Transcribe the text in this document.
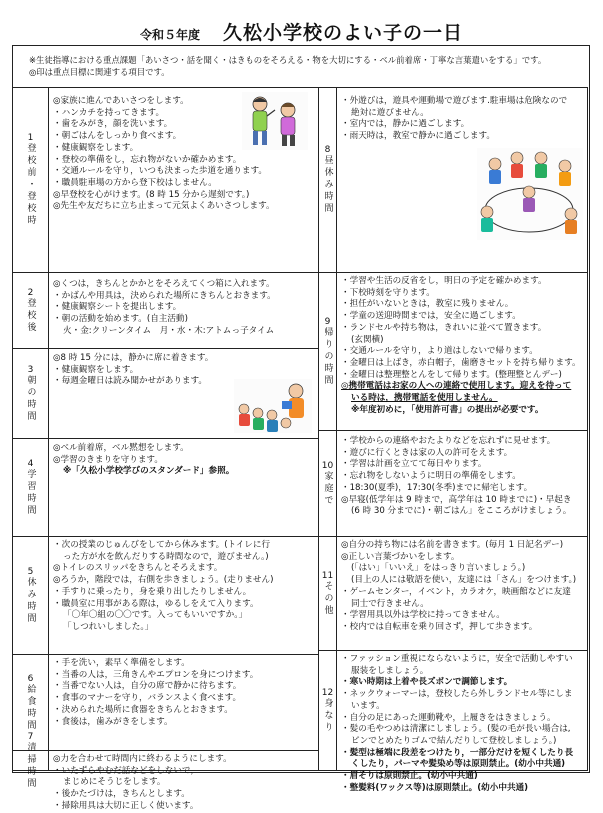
令和５年度 久松小学校のよい子の一日
※生徒指導における重点課題「あいさつ・話を聞く・はきものをそろえる・物を大切にする・ベル前着席・丁寧な言葉遣いをする」です。
◎印は重点目標に関連する項目です。
1
登校前・登校時
◎家族に進んであいさつをします。
・ハンカチを持ってきます。
・歯をみがき，顔を洗います。
・朝ごはんをしっかり食べます。
・健康観察をします。
・登校の準備をし，忘れ物がないか確かめます。
・交通ルールを守り，いつも決まった歩道を通ります。
・職員駐車場の方から登下校はしません。
◎早登校を心がけます。(8 時 15 分から遅刻です。)
◎先生や友だちに立ち止まって元気よくあいさつします。
2
登校後
◎くつは，きちんとかかとをそろえてくつ箱に入れます。
・かばんや用具は，決められた場所にきちんとおきます。
・健康観察シートを提出します。
・朝の活動を始めます。(自主活動)
火・金:クリーンタイム　月・水・木:アトムっ子タイム
3
朝の時間
◎8 時 15 分には，静かに席に着きます。
・健康観察をします。
・毎週金曜日は読み聞かせがあります。
4
学習時間
◎ベル前着席，ベル黙想をします。
◎学習のきまりを守ります。
※「久松小学校学びのスタンダード」参照。
5
休み時間
・次の授業のじゅんびをしてから休みます。(トイレに行
った方が水を飲んだりする時間なので，遊びません。)
◎トイレのスリッパをきちんとそろえます。
◎ろうか，階段では，右側を歩きましょう。(走りません)
・手すりに乗ったり，身を乗り出したりしません。
・職員室に用事がある際は，ゆるしをえて入ります。
「〇年〇組の〇〇です。入ってもいいですか。」
「しつれいしました。」
6
給食時間
・手を洗い，素早く準備をします。
・当番の人は，三角きんやエプロンを身につけます。
・当番でない人は，自分の席で静かに待ちます。
・食事のマナーを守り，バランスよく食べます。
・決められた場所に食器をきちんとおきます。
・食後は，歯みがきをします。
7
清掃時間 ◎力を合わせて時間内に終わるようにします。
・いたずらやむだ話などをしないで，
まじめにそうじをします。
・後かたづけは，きちんとします。
・掃除用具は大切に正しく使います。
8
昼休み時間
・外遊びは，遊具や運動場で遊びます.駐車場は危険なので
絶対に遊びません。
・室内では，静かに過ごします。
・雨天時は，教室で静かに過ごします。
9
帰りの時間
・学習や生活の反省をし，明日の予定を確かめます。
・下校時刻を守ります。
・担任がいないときは，教室に残りません。
・学童の送迎時間までは，安全に過ごします。
・ランドセルや持ち物は，きれいに並べて置きます。
(玄関横)
・交通ルールを守り，より道はしないで帰ります。
・金曜日は上ばき，赤白帽子，歯磨きセットを持ち帰ります。
・金曜日は整理整とんをして帰ります。(整理整とんデー)
◎携帯電話はお家の人への連絡で使用します。迎えを待って
いる時は，携帯電話を使用しません。
※年度初めに，「使用許可書」の提出が必要です。
10
家庭で
・学校からの連絡やおたよりなどを忘れずに見せます。
・遊びに行くときは家の人の許可をえます。
・学習は計画を立てて毎日やります。
・忘れ物をしないように明日の準備をします。
・18:30(夏季)，17:30(冬季)までに帰宅します。
◎早寝(低学年は 9 時まで，高学年は 10 時までに)・早起き
(6 時 30 分までに)・朝ごはん」をこころがけましょう。
11
その他
◎自分の持ち物には名前を書きます。(毎月 1 日記名デー)
◎正しい言葉づかいをします。
(「はい」「いいえ」をはっきり言いましょう。)
(目上の人には敬語を使い，友達には「さん」をつけます。)
・ゲームセンター，イベント，カラオケ，映画館などに友達
同士で行きません。
・学習用具以外は学校に持ってきません。
・校内では自転車を乗り回さず，押して歩きます。
12
身なり
・ファッション重視にならないように，安全で活動しやすい
服装をしましょう。
・寒い時期は上着や長ズボンで調節します。
・ネックウォーマーは，登校したら外しランドセル等にしま
います。
・自分の足にあった運動靴や，上履きをはきましょう。
・髪の毛やつめは清潔にしましょう。(髪の毛が長い場合は,
ピンでとめたりゴムで結んだりして登校しましょう。)
・髪型は極端に段差をつけたり，一部分だけを短くしたり長
くしたり，パーマや髪染め等は原則禁止。(幼小中共通)
・眉そりは原則禁止。(幼小中共通)
・整髪料(ワックス等)は原則禁止。(幼小中共通)
